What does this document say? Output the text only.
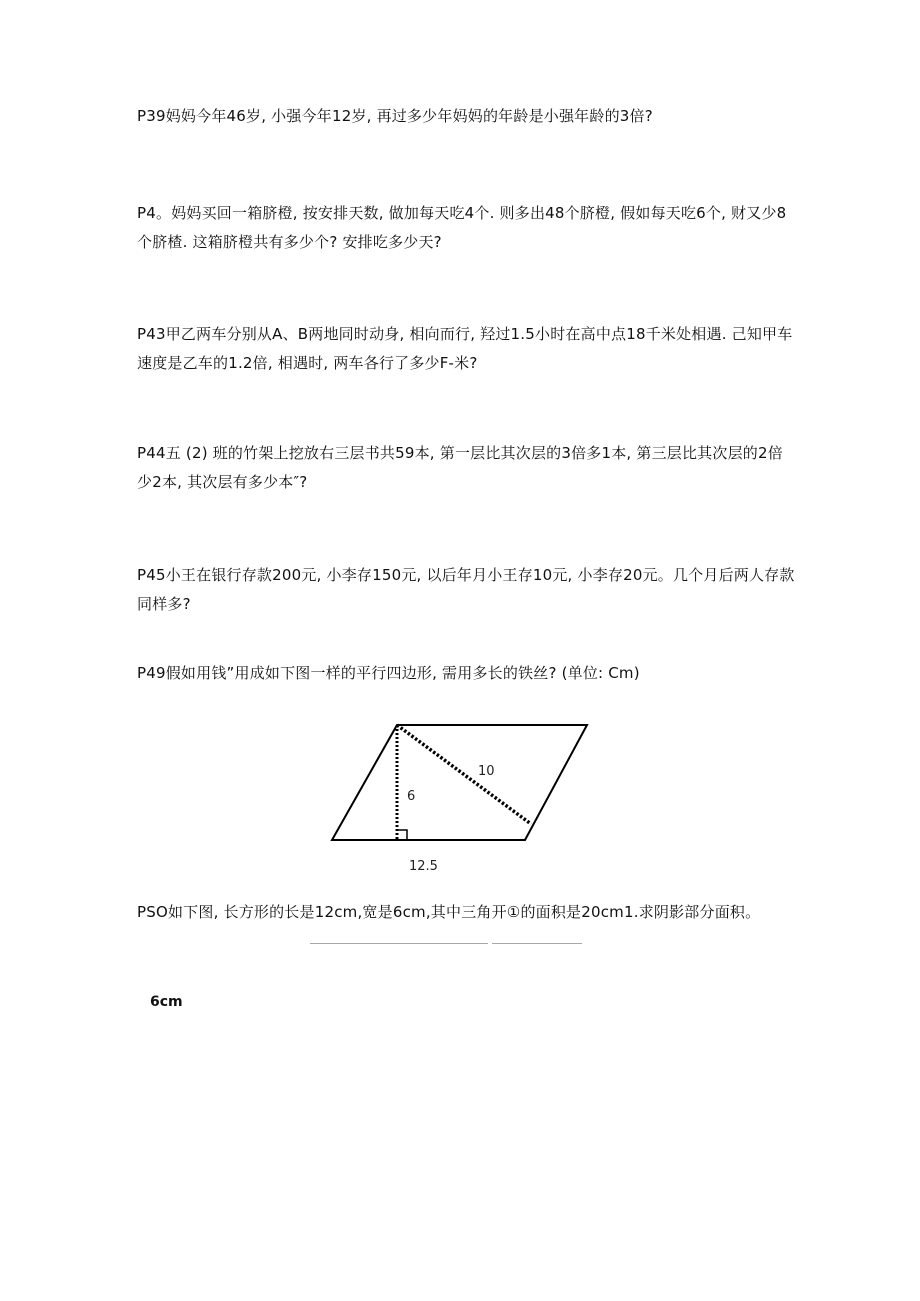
P39妈妈今年46岁, 小强今年12岁, 再过多少年妈妈的年龄是小强年龄的3倍?

P4。妈妈买回一箱脐橙, 按安排天数, 做加每天吃4个. 则多出48个脐橙, 假如每天吃6个, 财又少8个脐楂. 这箱脐橙共有多少个? 安排吃多少天?

P43甲乙两车分别从A、B两地同时动身, 相向而行, 羟过1.5小时在高中点18千米处相遇. 己知甲车速度是乙车的1.2倍, 相遇时, 两车各行了多少F-米?

P44五 (2) 班的竹架上挖放右三层书共59本, 第一层比其次层的3倍多1本, 第三层比其次层的2倍少2本, 其次层有多少本″?

P45小王在银行存款200元, 小李存150元, 以后年月小王存10元, 小李存20元。几个月后两人存款同样多?

P49假如用钱”用成如下图一样的平行四边形, 需用多长的铁丝? (单位: Cm)

10
6
12.5

PSO如下图, 长方形的长是12cm,宽是6cm,其中三角开①的面积是20cm1.求阴影部分面积。

6cm
